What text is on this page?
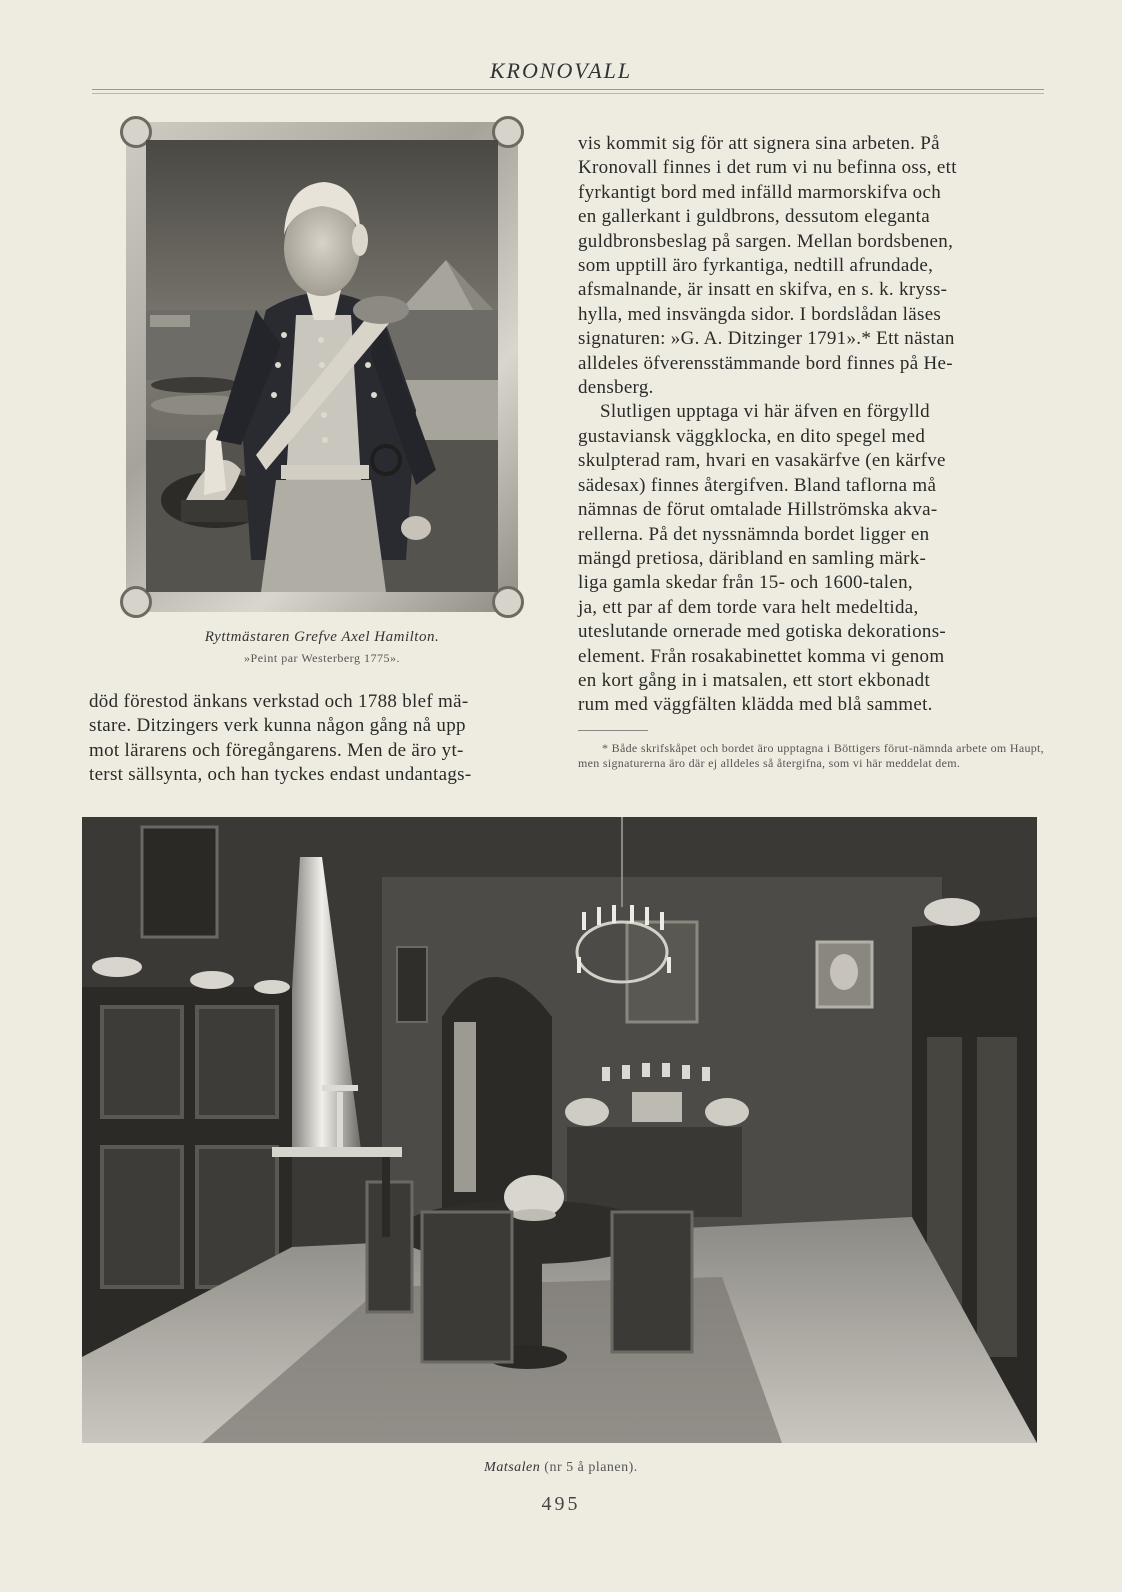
KRONOVALL
Ryttmästaren Grefve Axel Hamilton.
»Peint par Westerberg 1775».

död förestod änkans verkstad och 1788 blef mä-

stare. Ditzingers verk kunna någon gång nå upp

mot lärarens och föregångarens. Men de äro yt-

terst sällsynta, och han tyckes endast undantags-

vis kommit sig för att signera sina arbeten. På

Kronovall finnes i det rum vi nu befinna oss, ett

fyrkantigt bord med infälld marmorskifva och

en gallerkant i guldbrons, dessutom eleganta

guldbronsbeslag på sargen. Mellan bordsbenen,

som upptill äro fyrkantiga, nedtill afrundade,

afsmalnande, är insatt en skifva, en s. k. kryss-

hylla, med insvängda sidor. I bordslådan läses

signaturen: »G. A. Ditzinger 1791».* Ett nästan

alldeles öfverensstämmande bord finnes på He-

densberg.

Slutligen upptaga vi här äfven en förgylld

gustaviansk väggklocka, en dito spegel med

skulpterad ram, hvari en vasakärfve (en kärfve

sädesax) finnes återgifven. Bland taflorna må

nämnas de förut omtalade Hillströmska akva-

rellerna. På det nyssnämnda bordet ligger en

mängd pretiosa, däribland en samling märk-

liga gamla skedar från 15- och 1600-talen,

ja, ett par af dem torde vara helt medeltida,

uteslutande ornerade med gotiska dekorations-

element. Från rosakabinettet komma vi genom

en kort gång in i matsalen, ett stort ekbonadt

rum med väggfälten klädda med blå sammet.

* Både skrifskåpet och bordet äro upptagna i Böttigers förut-nämnda arbete om Haupt, men signaturerna äro där ej alldeles så återgifna, som vi här meddelat dem.
Matsalen (nr 5 å planen).
495
